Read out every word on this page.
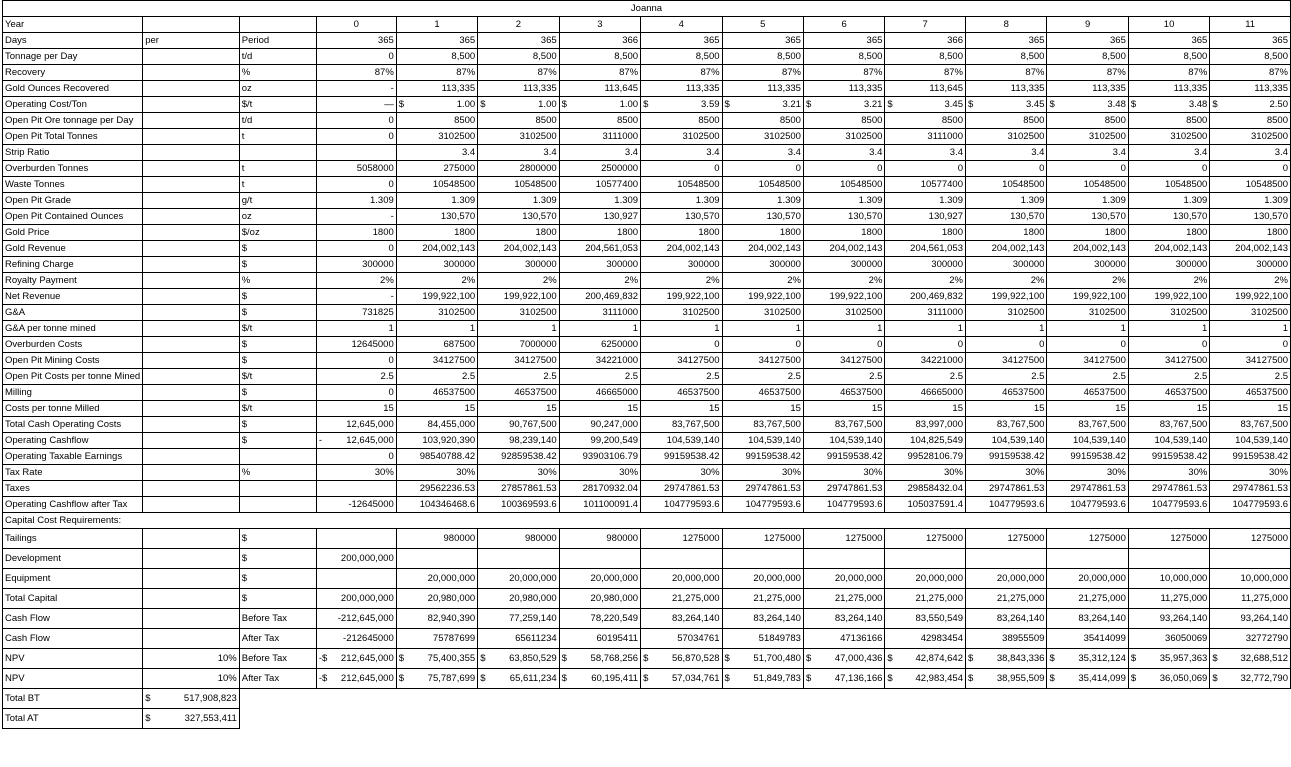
Joanna														
Year			0	1	2	3	4	5	6	7	8	9	10	11
Days	per	Period	365	365	365	366	365	365	365	366	365	365	365	365
Tonnage per Day		t/d	0	8,500	8,500	8,500	8,500	8,500	8,500	8,500	8,500	8,500	8,500	8,500
Recovery		%	87%	87%	87%	87%	87%	87%	87%	87%	87%	87%	87%	87%
Gold Ounces Recovered		oz	-	113,335	113,335	113,645	113,335	113,335	113,335	113,645	113,335	113,335	113,335	113,335
Operating Cost/Ton		$/t	—	$ 1.00	$ 1.00	$ 1.00	$ 3.59	$ 3.21	$ 3.21	$ 3.45	$ 3.45	$ 3.48	$ 3.48	$ 2.50
Open Pit Ore tonnage per Day		t/d	0	8500	8500	8500	8500	8500	8500	8500	8500	8500	8500	8500
Open Pit Total Tonnes		t	0	3102500	3102500	3111000	3102500	3102500	3102500	3111000	3102500	3102500	3102500	3102500
Strip Ratio				3.4	3.4	3.4	3.4	3.4	3.4	3.4	3.4	3.4	3.4	3.4
Overburden Tonnes		t	5058000	275000	2800000	2500000	0	0	0	0	0	0	0	0
Waste Tonnes		t	0	10548500	10548500	10577400	10548500	10548500	10548500	10577400	10548500	10548500	10548500	10548500
Open Pit Grade		g/t	1.309	1.309	1.309	1.309	1.309	1.309	1.309	1.309	1.309	1.309	1.309	1.309
Open Pit Contained Ounces		oz	-	130,570	130,570	130,927	130,570	130,570	130,570	130,927	130,570	130,570	130,570	130,570
Gold Price		$/oz	1800	1800	1800	1800	1800	1800	1800	1800	1800	1800	1800	1800
Gold Revenue		$	0	204,002,143	204,002,143	204,561,053	204,002,143	204,002,143	204,002,143	204,561,053	204,002,143	204,002,143	204,002,143	204,002,143
Refining Charge		$	300000	300000	300000	300000	300000	300000	300000	300000	300000	300000	300000	300000
Royalty Payment		%	2%	2%	2%	2%	2%	2%	2%	2%	2%	2%	2%	2%
Net Revenue		$	-	199,922,100	199,922,100	200,469,832	199,922,100	199,922,100	199,922,100	200,469,832	199,922,100	199,922,100	199,922,100	199,922,100
G&A		$	731825	3102500	3102500	3111000	3102500	3102500	3102500	3111000	3102500	3102500	3102500	3102500
G&A per tonne mined		$/t	1	1	1	1	1	1	1	1	1	1	1	1
Overburden Costs		$	12645000	687500	7000000	6250000	0	0	0	0	0	0	0	0
Open Pit Mining Costs		$	0	34127500	34127500	34221000	34127500	34127500	34127500	34221000	34127500	34127500	34127500	34127500
Open Pit Costs per tonne Mined		$/t	2.5	2.5	2.5	2.5	2.5	2.5	2.5	2.5	2.5	2.5	2.5	2.5
Milling		$	0	46537500	46537500	46665000	46537500	46537500	46537500	46665000	46537500	46537500	46537500	46537500
Costs per tonne Milled		$/t	15	15	15	15	15	15	15	15	15	15	15	15
Total Cash Operating Costs		$	12,645,000	84,455,000	90,767,500	90,247,000	83,767,500	83,767,500	83,767,500	83,997,000	83,767,500	83,767,500	83,767,500	83,767,500
Operating Cashflow		$	- 12,645,000	103,920,390	98,239,140	99,200,549	104,539,140	104,539,140	104,539,140	104,825,549	104,539,140	104,539,140	104,539,140	104,539,140
Operating Taxable Earnings			0	98540788.42	92859538.42	93903106.79	99159538.42	99159538.42	99159538.42	99528106.79	99159538.42	99159538.42	99159538.42	99159538.42
Tax Rate		%	30%	30%	30%	30%	30%	30%	30%	30%	30%	30%	30%	30%
Taxes				29562236.53	27857861.53	28170932.04	29747861.53	29747861.53	29747861.53	29858432.04	29747861.53	29747861.53	29747861.53	29747861.53
Operating Cashflow after Tax			-12645000	104346468.6	100369593.6	101100091.4	104779593.6	104779593.6	104779593.6	105037591.4	104779593.6	104779593.6	104779593.6	104779593.6
Capital Cost Requirements:														
Tailings		$		980000	980000	980000	1275000	1275000	1275000	1275000	1275000	1275000	1275000	1275000
Development		$	200,000,000											
Equipment		$		20,000,000	20,000,000	20,000,000	20,000,000	20,000,000	20,000,000	20,000,000	20,000,000	20,000,000	10,000,000	10,000,000
Total Capital		$	200,000,000	20,980,000	20,980,000	20,980,000	21,275,000	21,275,000	21,275,000	21,275,000	21,275,000	21,275,000	11,275,000	11,275,000
Cash Flow		Before Tax	-212,645,000	82,940,390	77,259,140	78,220,549	83,264,140	83,264,140	83,264,140	83,550,549	83,264,140	83,264,140	93,264,140	93,264,140
Cash Flow		After Tax	-212645000	75787699	65611234	60195411	57034761	51849783	47136166	42983454	38955509	35414099	36050069	32772790
NPV	10%	Before Tax	-$ 212,645,000	$ 75,400,355	$ 63,850,529	$ 58,768,256	$ 56,870,528	$ 51,700,480	$ 47,000,436	$ 42,874,642	$ 38,843,336	$ 35,312,124	$ 35,957,363	$ 32,688,512
NPV	10%	After Tax	-$ 212,645,000	$ 75,787,699	$ 65,611,234	$ 60,195,411	$ 57,034,761	$ 51,849,783	$ 47,136,166	$ 42,983,454	$ 38,955,509	$ 35,414,099	$ 36,050,069	$ 32,772,790
Total BT	$ 517,908,823													
Total AT	$ 327,553,411													
